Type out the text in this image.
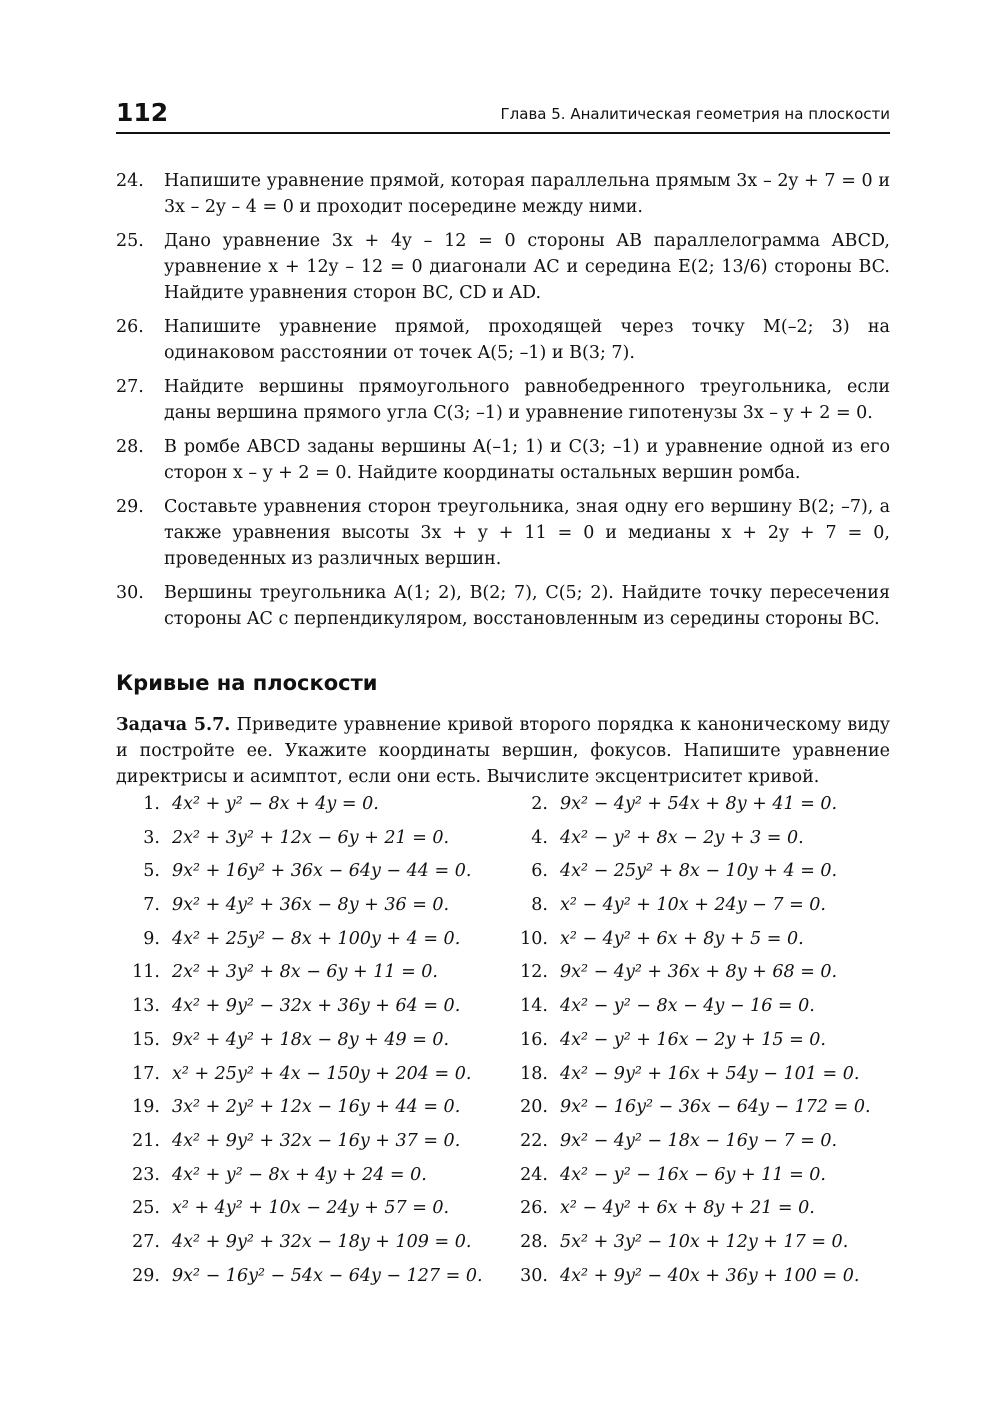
112	Глава 5. Аналитическая геометрия на плоскости
24.	Напишите уравнение прямой, которая параллельна прямым 3x – 2y + 7 = 0 и 3x – 2y – 4 = 0 и проходит посередине между ними.
25.	Дано уравнение 3x + 4y – 12 = 0 стороны AB параллелограмма ABCD, уравнение x + 12y – 12 = 0 диагонали AC и середина E(2; 13/6) стороны BC. Найдите уравнения сторон BC, CD и AD.
26.	Напишите уравнение прямой, проходящей через точку M(–2; 3) на одинаковом расстоянии от точек A(5; –1) и B(3; 7).
27.	Найдите вершины прямоугольного равнобедренного треугольника, если даны вершина прямого угла C(3; –1) и уравнение гипотенузы 3x – y + 2 = 0.
28.	В ромбе ABCD заданы вершины A(–1; 1) и C(3; –1) и уравнение одной из его сторон x – y + 2 = 0. Найдите координаты остальных вершин ромба.
29.	Составьте уравнения сторон треугольника, зная одну его вершину B(2; –7), а также уравнения высоты 3x + y + 11 = 0 и медианы x + 2y + 7 = 0, проведенных из различных вершин.
30.	Вершины треугольника A(1; 2), B(2; 7), C(5; 2). Найдите точку пересечения стороны AC с перпендикуляром, восстановленным из середины стороны BC.
Кривые на плоскости
Задача 5.7. Приведите уравнение кривой второго порядка к каноническому виду и постройте ее. Укажите координаты вершин, фокусов. Напишите уравнение директрисы и асимптот, если они есть. Вычислите эксцентриситет кривой.
1. 4x² + y² − 8x + 4y = 0.	2. 9x² − 4y² + 54x + 8y + 41 = 0.
3. 2x² + 3y² + 12x − 6y + 21 = 0.	4. 4x² − y² + 8x − 2y + 3 = 0.
5. 9x² + 16y² + 36x − 64y − 44 = 0.	6. 4x² − 25y² + 8x − 10y + 4 = 0.
7. 9x² + 4y² + 36x − 8y + 36 = 0.	8. x² − 4y² + 10x + 24y − 7 = 0.
9. 4x² + 25y² − 8x + 100y + 4 = 0.	10. x² − 4y² + 6x + 8y + 5 = 0.
11. 2x² + 3y² + 8x − 6y + 11 = 0.	12. 9x² − 4y² + 36x + 8y + 68 = 0.
13. 4x² + 9y² − 32x + 36y + 64 = 0.	14. 4x² − y² − 8x − 4y − 16 = 0.
15. 9x² + 4y² + 18x − 8y + 49 = 0.	16. 4x² − y² + 16x − 2y + 15 = 0.
17. x² + 25y² + 4x − 150y + 204 = 0.	18. 4x² − 9y² + 16x + 54y − 101 = 0.
19. 3x² + 2y² + 12x − 16y + 44 = 0.	20. 9x² − 16y² − 36x − 64y − 172 = 0.
21. 4x² + 9y² + 32x − 16y + 37 = 0.	22. 9x² − 4y² − 18x − 16y − 7 = 0.
23. 4x² + y² − 8x + 4y + 24 = 0.	24. 4x² − y² − 16x − 6y + 11 = 0.
25. x² + 4y² + 10x − 24y + 57 = 0.	26. x² − 4y² + 6x + 8y + 21 = 0.
27. 4x² + 9y² + 32x − 18y + 109 = 0.	28. 5x² + 3y² − 10x + 12y + 17 = 0.
29. 9x² − 16y² − 54x − 64y − 127 = 0.	30. 4x² + 9y² − 40x + 36y + 100 = 0.
